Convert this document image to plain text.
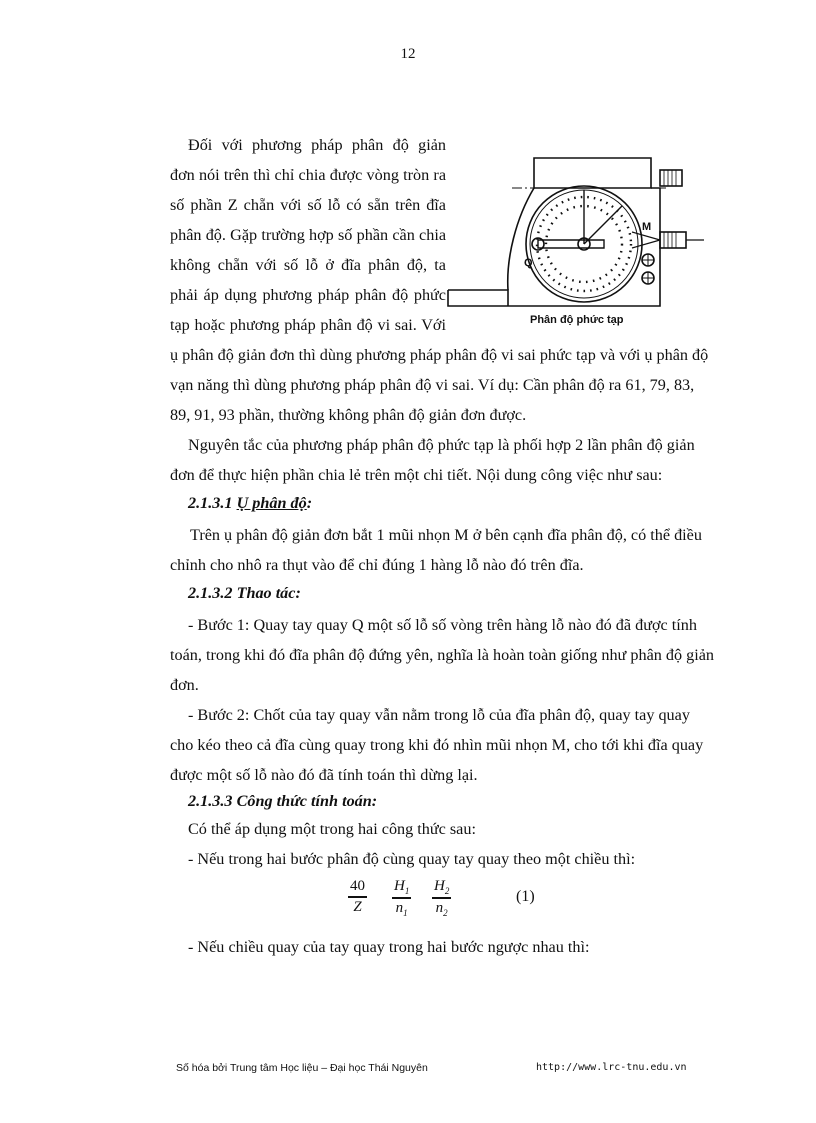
12
Đối với phương pháp phân độ giản
đơn nói trên thì chỉ chia được vòng tròn ra
số phần Z chẵn với số lỗ có sẵn trên đĩa
phân độ. Gặp trường hợp số phần cần chia
không chẵn với số lỗ ở đĩa phân độ, ta
phải áp dụng phương pháp phân độ phức
tạp hoặc phương pháp phân độ vi sai. Với
M
Q
Phân độ phức tạp
ụ phân độ giản đơn thì dùng phương pháp phân độ vi sai phức tạp và với ụ phân độ
vạn năng thì dùng phương pháp phân độ vi sai. Ví dụ: Cần phân độ ra 61, 79, 83,
89, 91, 93 phần, thường không phân độ giản đơn được.
Nguyên tắc của phương pháp phân độ phức tạp là phối hợp 2 lần phân độ giản
đơn để thực hiện phần chia lẻ trên một chi tiết. Nội dung công việc như sau:
2.1.3.1 Ụ phân độ:
Trên ụ phân độ giản đơn bắt 1 mũi nhọn M ở bên cạnh đĩa phân độ, có thể điều
chỉnh cho nhô ra thụt vào để chỉ đúng 1 hàng lỗ nào đó trên đĩa.
2.1.3.2 Thao tác:
- Bước 1: Quay tay quay Q một số lỗ số vòng trên hàng lỗ nào đó đã được tính
toán, trong khi đó đĩa phân độ đứng yên, nghĩa là hoàn toàn giống như phân độ giản
đơn.
- Bước 2: Chốt của tay quay vẫn nằm trong lỗ của đĩa phân độ, quay tay quay
cho kéo theo cả đĩa cùng quay trong khi đó nhìn mũi nhọn M, cho tới khi đĩa quay
được một số lỗ nào đó đã tính toán thì dừng lại.
2.1.3.3 Công thức tính toán:
Có thể áp dụng một trong hai công thức sau:
- Nếu trong hai bước phân độ cùng quay tay quay theo một chiều thì:
$\frac{40}{Z} \frac{H_1}{n_1} \frac{H_2}{n_2}$	(1)
- Nếu chiều quay của tay quay trong hai bước ngược nhau thì:
Số hóa bởi Trung tâm Học liệu – Đại học Thái Nguyên	http://www.lrc-tnu.edu.vn
